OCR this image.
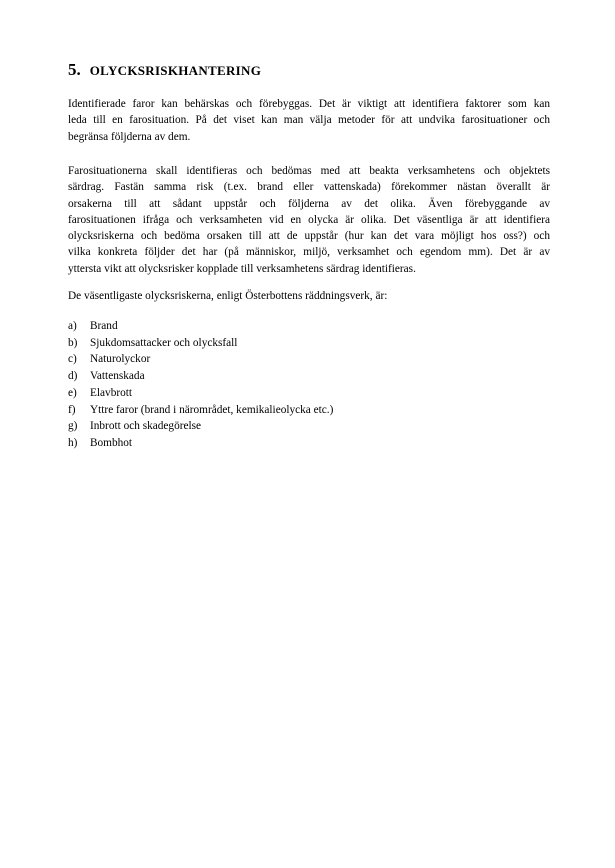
5. OLYCKSRISKHANTERING
Identifierade faror kan behärskas och förebyggas. Det är viktigt att identifiera faktorer som kan
leda till en farosituation. På det viset kan man välja metoder för att undvika farosituationer och
begränsa följderna av dem.
Farosituationerna skall identifieras och bedömas med att beakta verksamhetens och objektets
särdrag. Fastän samma risk (t.ex. brand eller vattenskada) förekommer nästan överallt är
orsakerna till att sådant uppstår och följderna av det olika. Även förebyggande av
farosituationen ifråga och verksamheten vid en olycka är olika. Det väsentliga är att identifiera
olycksriskerna och bedöma orsaken till att de uppstår (hur kan det vara möjligt hos oss?) och
vilka konkreta följder det har (på människor, miljö, verksamhet och egendom mm). Det är av
yttersta vikt att olycksrisker kopplade till verksamhetens särdrag identifieras.
De väsentligaste olycksriskerna, enligt Österbottens räddningsverk, är:
a)	Brand
b)	Sjukdomsattacker och olycksfall
c)	Naturolyckor
d)	Vattenskada
e)	Elavbrott
f)	Yttre faror (brand i närområdet, kemikalieolycka etc.)
g)	Inbrott och skadegörelse
h)	Bombhot
